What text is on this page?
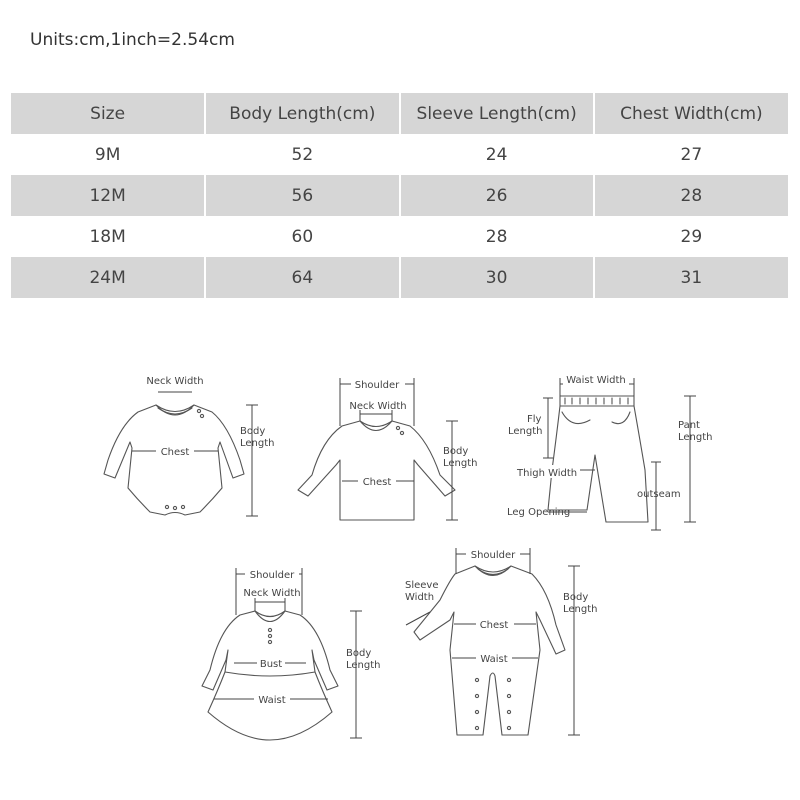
Units:cm,1inch=2.54cm
Size	Body Length(cm)	Sleeve Length(cm)	Chest Width(cm)
9M	52	24	27
12M	56	26	28
18M	60	28	29
24M	64	30	31
Neck Width
Chest
Body
Length
Shoulder
Neck Width
Chest
Body
Length
Waist Width
Fly
Length
Pant
Length
Thigh Width
outseam
Leg Opening
Shoulder
Neck Width
Bust
Waist
Body
Length
Shoulder
Sleeve
Width
Chest
Waist
Body
Length
